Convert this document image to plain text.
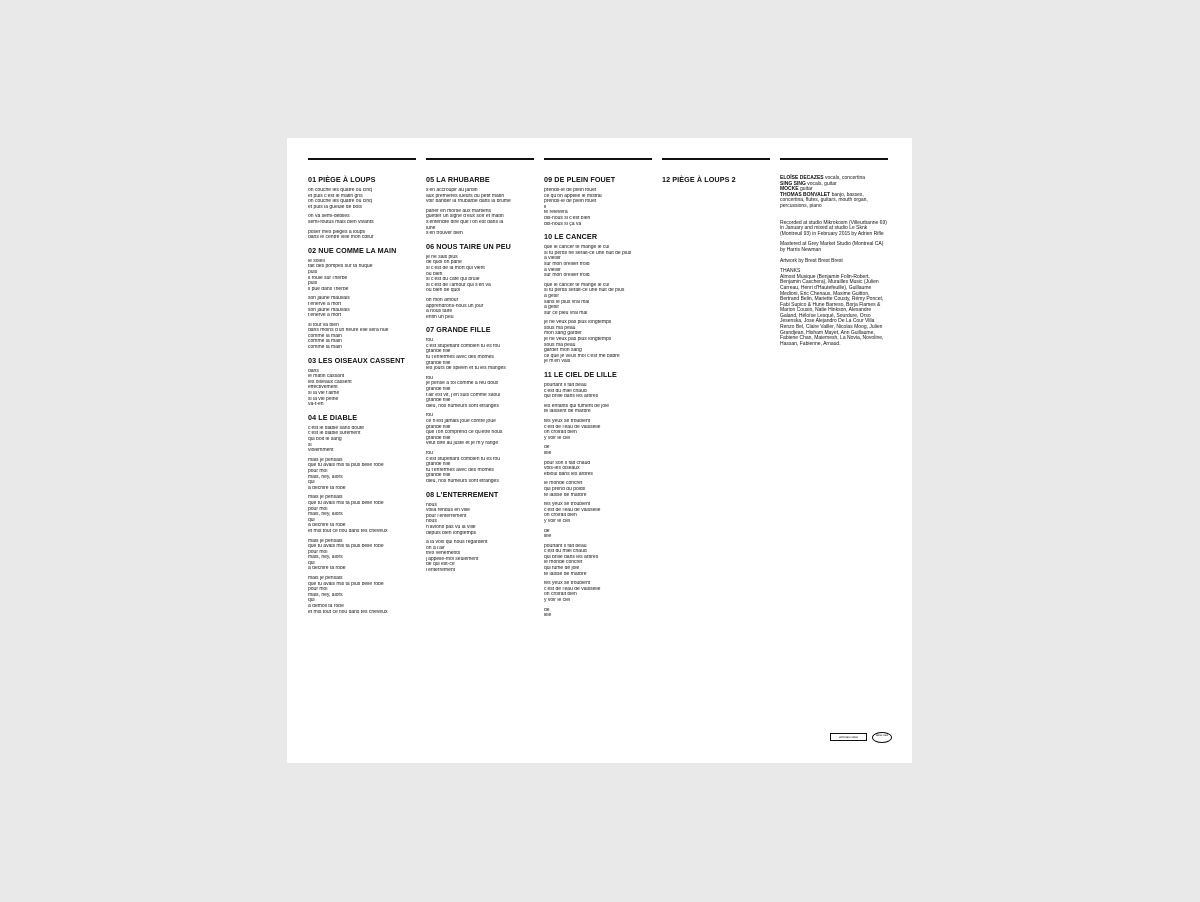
01 PIÈGE À LOUPS
on couche les quatre ou cinq
et puis c'est le matin gris
on couche les quatre ou cinq
et puis la gueule de bois
on va semi-débiles
semi-foutus mais bien vivants
poser mes pièges à loups
dans le centre ville mon cœur
02 NUE COMME LA MAIN
le soleil
fait des pompes sur ta nuque
puis
il roule sur l'herbe
puis
il pue dans l'herbe
son jaune mauvais
t'énerve à mort
son jaune mauvais
t'énerve à mort
si tout va bien
dans moins d'un heure elle sera nue
comme la main
comme la main
comme la main
03 LES OISEAUX CASSENT
dans
le matin cassant
les oiseaux cassent
effectivement
si la vie t'aime
si la vie peine
va-t-en
04 LE DIABLE
c'est le diable sans doute
c'est le diable sûrement
qui boit le sang
si
violemment
mais je pensais
que tu avais mis ta plus belle robe
pour moi
mais, hey, alors
qui
a déchiré ta robe
mais je pensais
que tu avais mis ta plus belle robe
pour moi
mais, hey, alors
qui
a déchiré ta robe
et mis tout ce flou dans tes cheveux
mais je pensais
que tu avais mis ta plus belle robe
pour moi
mais, hey, alors
qui
a déchiré ta robe
mais je pensais
que tu avais mis ta plus belle robe
pour moi
mais, hey, alors
qui
a démoli ta robe
et mis tout ce flou dans tes cheveux
05 LA RHUBARBE
s'en accroupir au jardin
aux premières lueurs du petit matin
voir bander la rhubarbe dans la brume
parler en morse aux martiens
guetter un signe d'eux soir et matin
s'entendre dire que l'on est dans la
lune
s'en trouver bien
06 NOUS TAIRE UN PEU
je ne sais plus
de quoi on parle
si c'est de la mort qui vient
ou bien
si c'est du café qui brûle
si c'est de l'amour qui s'en va
ou bien de quoi
oh mon amour
apprendrons-nous un jour
à nous taire
enfin un peu
07 GRANDE FILLE
fou
c'est stupéfiant combien tu es fou
grande fille
tu t'enfermes avec des mômes
grande fille
les jours de spleen et tu les manges
fou
je pense à toi comme à feu doux
grande fille
t'air est vif, j'en suis comme saoul
grande fille
dieu, nos humeurs sont étranges
fou
ce n'est jamais joué contre joue
grande fille
que l'on comprend ce qu'être nous
grande fille
veut dire au juste et je m'y range
fou
c'est stupéfiant combien tu es fou
grande fille
tu t'enfermes avec des mômes
grande fille
dieu, nos humeurs sont étranges
08 L'ENTERREMENT
nous
voilà rendus en ville
pour l'enterrement
nous
n'avions pas vu la ville
depuis bien longtemps
à la voix qui nous regardent
on a l'air
très véhéments
j'appelle-moi seulement
de qui est-ce
l'enterrement
09 DE PLEIN FOUET
prends-le de plein fouet
ce qu'on appelle le mistral
prends-le de plein fouet
il
te relevera
dis-nous si c'est bien
dis-nous si ça va
10 LE CANCER
que le cancer te mange le cul
si tu perds ne serait-ce une nuit de plus
à vieillir
sur mon oreiller froid
à vieillir
sur mon oreiller froid
que le cancer te mange le cul
si tu perds serait-ce une nuit de plus
à gésir
sans le plus vrai mal
à gésir
sur ce pieu vrai mal
je ne veux pas plus longtemps
sous ma peau
mon sang garder
je ne veux pas plus longtemps
sous ma peau
garder mon sang
ce que je veux moi c'est me battre
je m'en vais
11 LE CIEL DE LILLE
pourtant il fait beau
c'est du miel chaud
qui brille dans les arbres
les enfants qui fument de joie
te laissent de marbre
tes yeux se troublent
c'est de l'eau de vaisselle
on croirait bien
y voir le ciel
de
lille
pour son il fait chaud
vois-les oiseaux
ébloui dans les arbres
le monde concret
qui prend du poids
te laisse de marbre
tes yeux se troublent
c'est de l'eau de vaisselle
on croirait bien
y voir le ciel
de
lille
pourtant il fait beau
c'est du miel chaud
qui brille dans les arbres
le monde concret
qui fume de joie
te laisse de marbre
tes yeux se troublent
c'est de l'eau de vaisselle
on croirait bien
y voir le ciel
de
lille
12 PIÈGE À LOUPS 2	ELOÏSE DECAZES vocals, concertina
SING SING vocals, guitar
MOCKE guitar
THOMAS BONVALET banjo, basses, concertina, flutes, guitars, mouth organ, percussions, piano
Recorded at studio Mikrokosm (Villeurbanne 69) in January and mixed at studio Le Sknk (Montreuil 93) in February 2015 by Adrien Rifle
Mastered at Grey Market Studio (Montreal CA) by Harris Newman
Artwork by Brest Brest Brest
THANKS
Almost Musique (Benjamin Folin-Robert, Benjamin Caschera), Murailles Music (Julien Carreau, Henri d'Hautefeuille), Guillaume Medioni, Eric Chenaux, Maxime Guitton, Bertrand Belin, Mariette Cousty, Rémy Poncet, Fabi Supico & Hune Barreso, Borja Flames & Marion Cousin, Natie Hinkson, Alexandre Galand, Héloïse Lesqué, Sourdure, Orso Jesenska, Jose Alejandro De La Cour Villa Renzo Bel, Claire Vailler, Nicolas Moog, Julien Grandjean, Hisham Mayet, Ann Guillaume, Fabiene Chan, Maiemesh, La Novia, Novoline, Hassan, Fabienne, Arnaud.
arbitraire label	label cad
